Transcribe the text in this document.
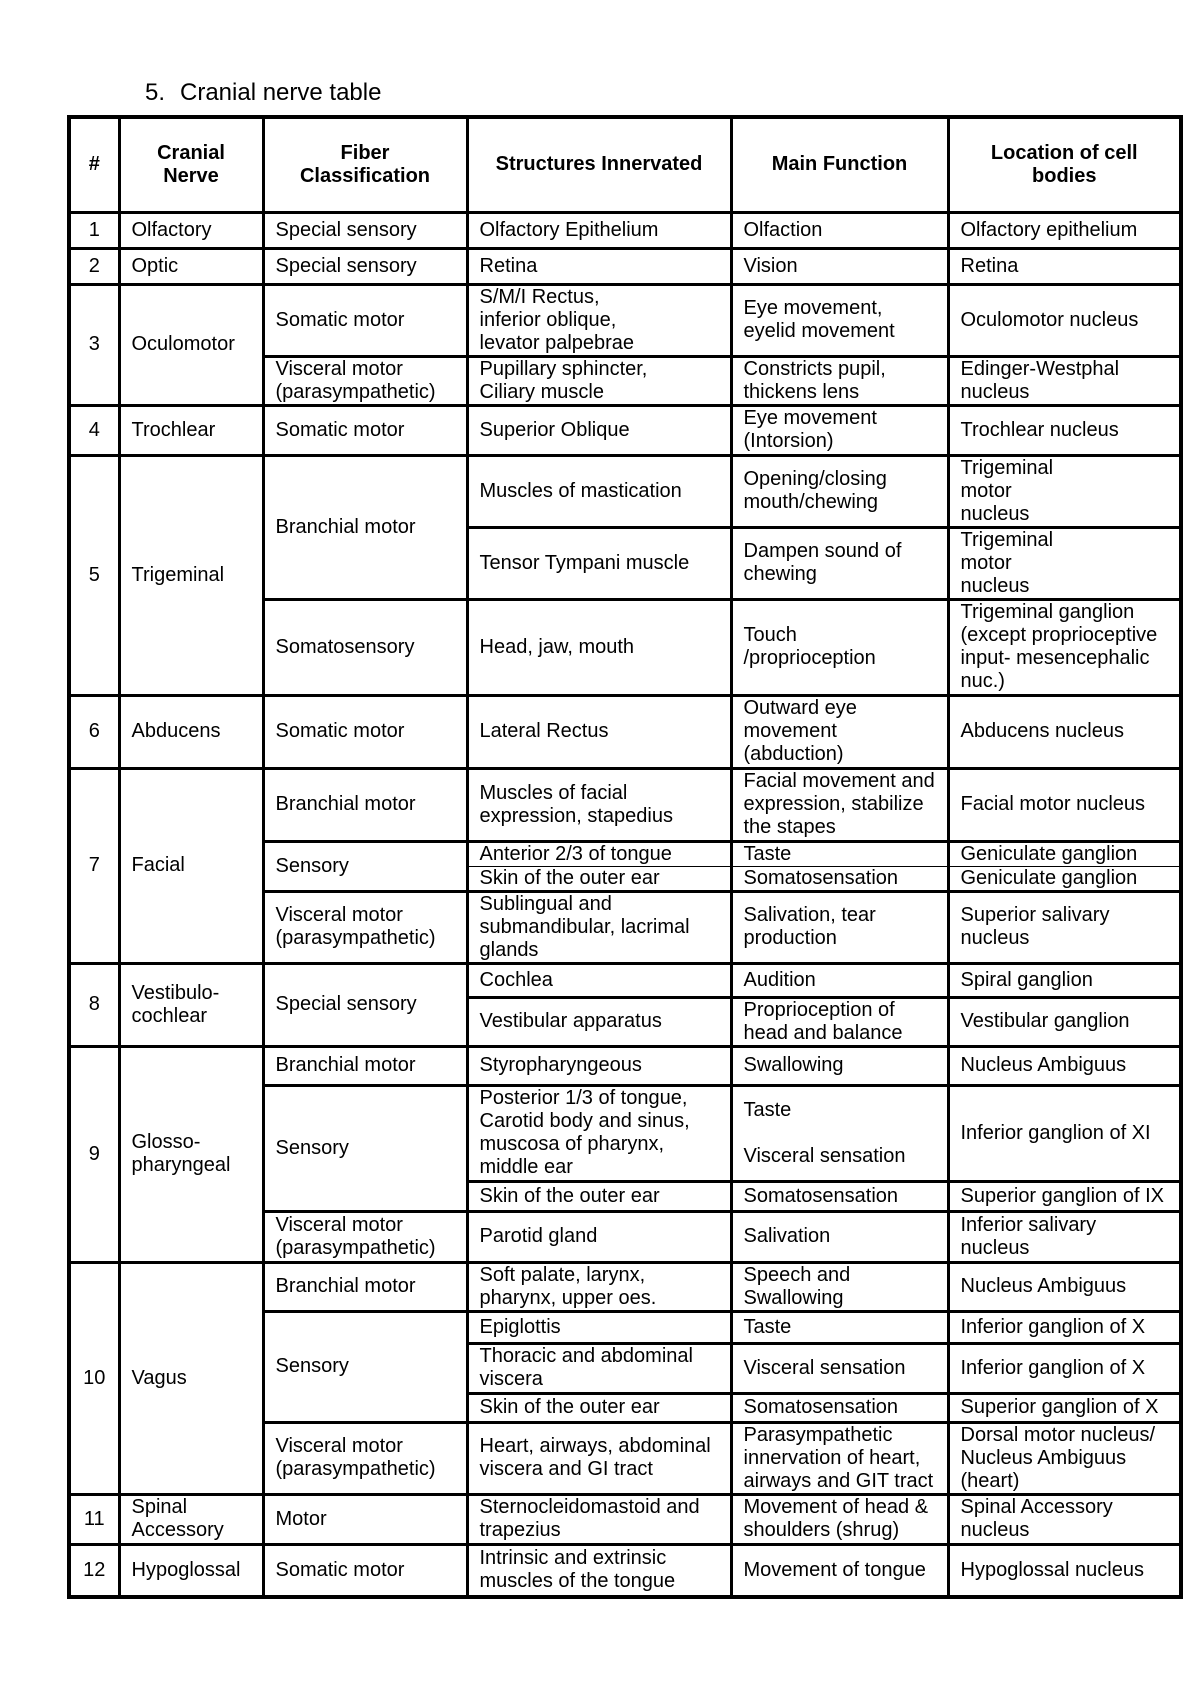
5. Cranial nerve table
#	Cranial
Nerve	Fiber
Classification	Structures Innervated	Main Function	Location of cell
bodies
1	Olfactory	Special sensory	Olfactory Epithelium	Olfaction	Olfactory epithelium
2	Optic	Special sensory	Retina	Vision	Retina
3	Oculomotor	Somatic motor	S/M/I Rectus,
inferior oblique,
levator palpebrae	Eye movement,
eyelid movement	Oculomotor nucleus
		Visceral motor
(parasympathetic)	Pupillary sphincter,
Ciliary muscle	Constricts pupil,
thickens lens	Edinger-Westphal
nucleus
4	Trochlear	Somatic motor	Superior Oblique	Eye movement
(Intorsion)	Trochlear nucleus
5	Trigeminal	Branchial motor	Muscles of mastication	Opening/closing
mouth/chewing	Trigeminal
motor
nucleus
			Tensor Tympani muscle	Dampen sound of
chewing	Trigeminal
motor
nucleus
		Somatosensory	Head, jaw, mouth	Touch
/proprioception	Trigeminal ganglion
(except proprioceptive
input- mesencephalic
nuc.)
6	Abducens	Somatic motor	Lateral Rectus	Outward eye
movement
(abduction)	Abducens nucleus
7	Facial	Branchial motor	Muscles of facial
expression, stapedius	Facial movement and
expression, stabilize
the stapes	Facial motor nucleus
		Sensory	Anterior 2/3 of tongue	Taste	Geniculate ganglion
			Skin of the outer ear	Somatosensation	Geniculate ganglion
		Visceral motor
(parasympathetic)	Sublingual and
submandibular, lacrimal
glands	Salivation, tear
production	Superior salivary
nucleus
8	Vestibulo-
cochlear	Special sensory	Cochlea	Audition	Spiral ganglion
			Vestibular apparatus	Proprioception of
head and balance	Vestibular ganglion
9	Glosso-
pharyngeal	Branchial motor	Styropharyngeous	Swallowing	Nucleus Ambiguus
		Sensory	Posterior 1/3 of tongue,
Carotid body and sinus,
muscosa of pharynx,
middle ear	Taste

Visceral sensation	Inferior ganglion of XI
			Skin of the outer ear	Somatosensation	Superior ganglion of IX
		Visceral motor
(parasympathetic)	Parotid gland	Salivation	Inferior salivary
nucleus
10	Vagus	Branchial motor	Soft palate, larynx,
pharynx, upper oes.	Speech and
Swallowing	Nucleus Ambiguus
		Sensory	Epiglottis	Taste	Inferior ganglion of X
			Thoracic and abdominal
viscera	Visceral sensation	Inferior ganglion of X
			Skin of the outer ear	Somatosensation	Superior ganglion of X
		Visceral motor
(parasympathetic)	Heart, airways, abdominal
viscera and GI tract	Parasympathetic
innervation of heart,
airways and GIT tract	Dorsal motor nucleus/
Nucleus Ambiguus
(heart)
11	Spinal
Accessory	Motor	Sternocleidomastoid and
trapezius	Movement of head &
shoulders (shrug)	Spinal Accessory
nucleus
12	Hypoglossal	Somatic motor	Intrinsic and extrinsic
muscles of the tongue	Movement of tongue	Hypoglossal nucleus
